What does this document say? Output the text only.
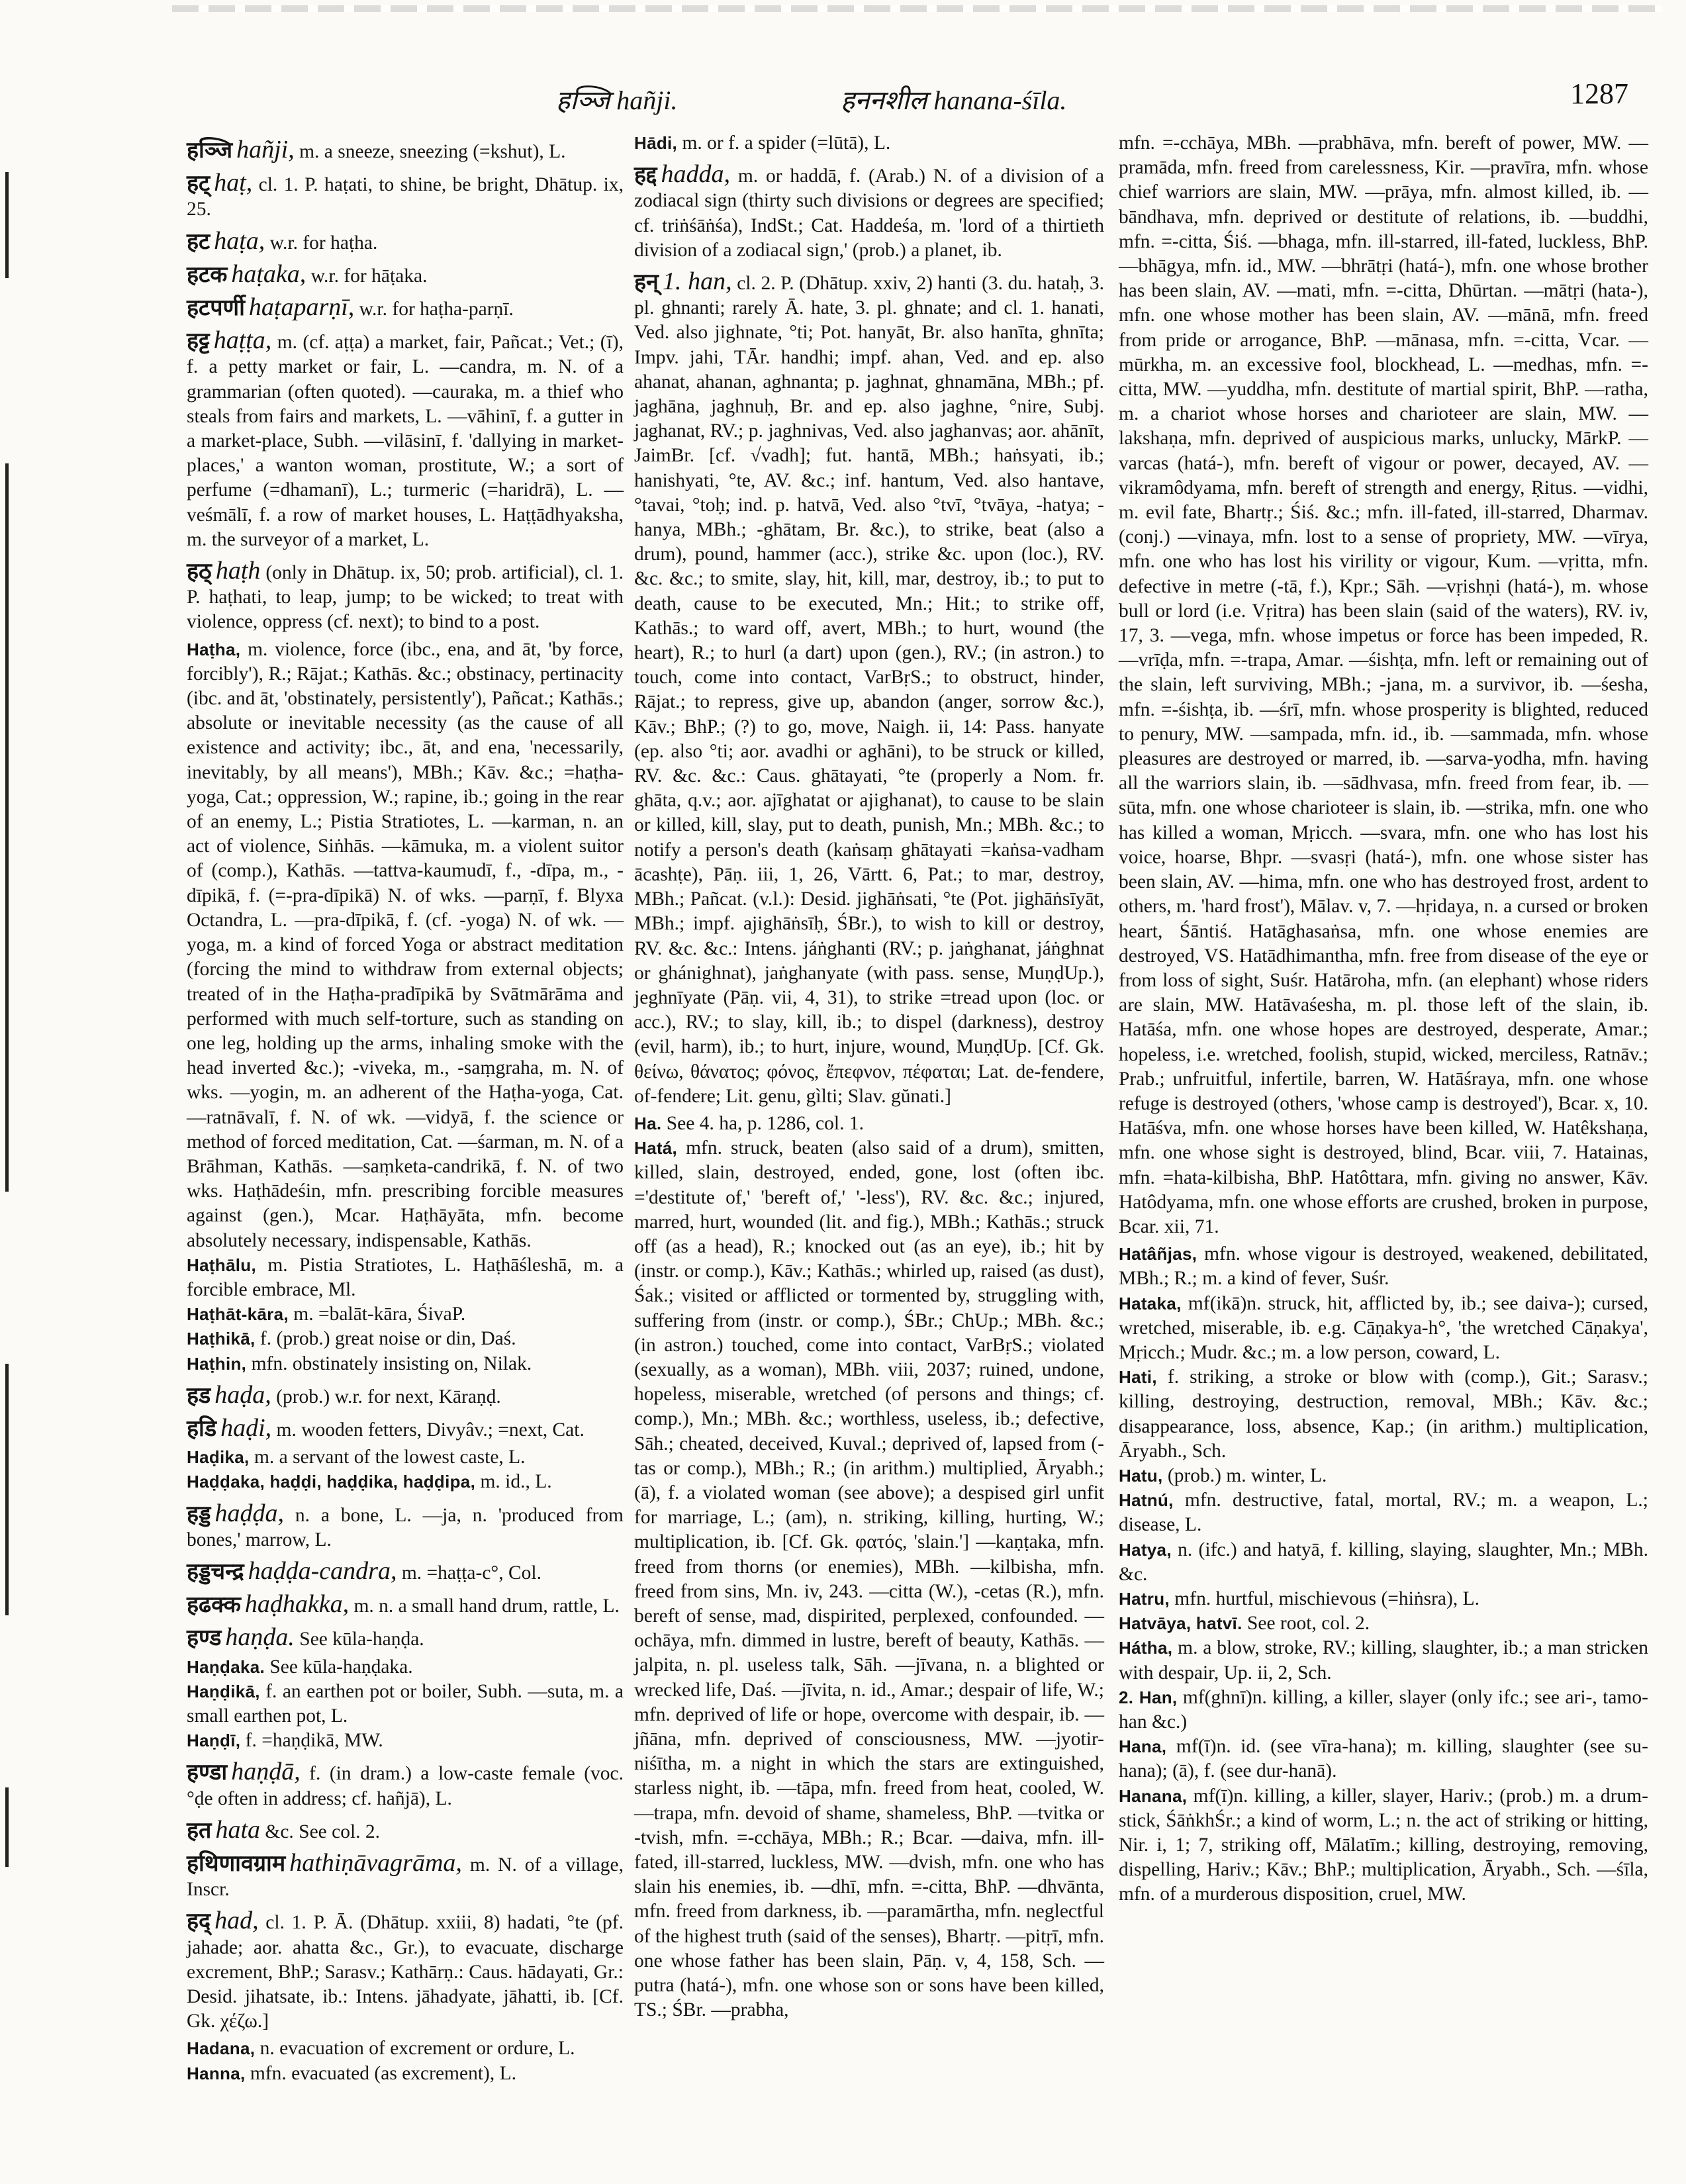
हञ्जि hañji.	हननशील hanana-śīla.	1287

हञ्जि hañji, m. a sneeze, sneezing (=kshut), L.

हट् haṭ, cl. 1. P. haṭati, to shine, be bright, Dhātup. ix, 25.

हट haṭa, w.r. for haṭha.

हटक haṭaka, w.r. for hāṭaka.

हटपर्णी haṭaparṇī, w.r. for haṭha-parṇī.

हट्ट haṭṭa, m. (cf. aṭṭa) a market, fair, Pañcat.; Vet.; (ī), f. a petty market or fair, L. —candra, m. N. of a grammarian (often quoted). —cauraka, m. a thief who steals from fairs and markets, L. —vāhinī, f. a gutter in a market-place, Subh. —vilāsinī, f. 'dallying in market-places,' a wanton woman, prostitute, W.; a sort of perfume (=dhamanī), L.; turmeric (=haridrā), L. —veśmālī, f. a row of market houses, L. Haṭṭādhyaksha, m. the surveyor of a market, L.

हठ् haṭh (only in Dhātup. ix, 50; prob. artificial), cl. 1. P. haṭhati, to leap, jump; to be wicked; to treat with violence, oppress (cf. next); to bind to a post.

Haṭha, m. violence, force (ibc., ena, and āt, 'by force, forcibly'), R.; Rājat.; Kathās. &c.; obstinacy, pertinacity (ibc. and āt, 'obstinately, persistently'), Pañcat.; Kathās.; absolute or inevitable necessity (as the cause of all existence and activity; ibc., āt, and ena, 'necessarily, inevitably, by all means'), MBh.; Kāv. &c.; =haṭha-yoga, Cat.; oppression, W.; rapine, ib.; going in the rear of an enemy, L.; Pistia Stratiotes, L. —karman, n. an act of violence, Siṅhās. —kāmuka, m. a violent suitor of (comp.), Kathās. —tattva-kaumudī, f., -dīpa, m., -dīpikā, f. (=-pra-dīpikā) N. of wks. —parṇī, f. Blyxa Octandra, L. —pra-dīpikā, f. (cf. -yoga) N. of wk. —yoga, m. a kind of forced Yoga or abstract meditation (forcing the mind to withdraw from external objects; treated of in the Haṭha-pradīpikā by Svātmārāma and performed with much self-torture, such as standing on one leg, holding up the arms, inhaling smoke with the head inverted &c.); -viveka, m., -saṃgraha, m. N. of wks. —yogin, m. an adherent of the Haṭha-yoga, Cat. —ratnāvalī, f. N. of wk. —vidyā, f. the science or method of forced meditation, Cat. —śarman, m. N. of a Brāhman, Kathās. —saṃketa-candrikā, f. N. of two wks. Haṭhādeśin, mfn. prescribing forcible measures against (gen.), Mcar. Haṭhāyāta, mfn. become absolutely necessary, indispensable, Kathās.

Haṭhālu, m. Pistia Stratiotes, L. Haṭhāśleshā, m. a forcible embrace, Ml.

Haṭhāt-kāra, m. =balāt-kāra, ŚivaP.

Haṭhikā, f. (prob.) great noise or din, Daś.

Haṭhin, mfn. obstinately insisting on, Nilak.

हड haḍa, (prob.) w.r. for next, Kāraṇḍ.

हडि haḍi, m. wooden fetters, Divyâv.; =next, Cat.

Haḍika, m. a servant of the lowest caste, L.

Haḍḍaka, haḍḍi, haḍḍika, haḍḍipa, m. id., L.

हड्ड haḍḍa, n. a bone, L. —ja, n. 'produced from bones,' marrow, L.

हड्डचन्द्र haḍḍa-candra, m. =haṭṭa-c°, Col.

हढक्क haḍhakka, m. n. a small hand drum, rattle, L.

हण्ड haṇḍa. See kūla-haṇḍa.

Haṇḍaka. See kūla-haṇḍaka.

Haṇḍikā, f. an earthen pot or boiler, Subh. —suta, m. a small earthen pot, L.

Haṇḍī, f. =haṇḍikā, MW.

हण्डा haṇḍā, f. (in dram.) a low-caste female (voc. °ḍe often in address; cf. hañjā), L.

हत hata &c. See col. 2.

हथिणावग्राम hathiṇāvagrāma, m. N. of a village, Inscr.

हद् had, cl. 1. P. Ā. (Dhātup. xxiii, 8) hadati, °te (pf. jahade; aor. ahatta &c., Gr.), to evacuate, discharge excrement, BhP.; Sarasv.; Kathārṇ.: Caus. hādayati, Gr.: Desid. jihatsate, ib.: Intens. jāhadyate, jāhatti, ib. [Cf. Gk. χέζω.]

Hadana, n. evacuation of excrement or ordure, L.

Hanna, mfn. evacuated (as excrement), L.

Hādi, m. or f. a spider (=lūtā), L.

हद्द hadda, m. or haddā, f. (Arab.) N. of a division of a zodiacal sign (thirty such divisions or degrees are specified; cf. triṅśāṅśa), IndSt.; Cat. Haddeśa, m. 'lord of a thirtieth division of a zodiacal sign,' (prob.) a planet, ib.

हन् 1. han, cl. 2. P. (Dhātup. xxiv, 2) hanti (3. du. hataḥ, 3. pl. ghnanti; rarely Ā. hate, 3. pl. ghnate; and cl. 1. hanati, Ved. also jighnate, °ti; Pot. hanyāt, Br. also hanīta, ghnīta; Impv. jahi, TĀr. handhi; impf. ahan, Ved. and ep. also ahanat, ahanan, aghnanta; p. jaghnat, ghnamāna, MBh.; pf. jaghāna, jaghnuḥ, Br. and ep. also jaghne, °nire, Subj. jaghanat, RV.; p. jaghnivas, Ved. also jaghanvas; aor. ahānīt, JaimBr. [cf. √vadh]; fut. hantā, MBh.; haṅsyati, ib.; hanishyati, °te, AV. &c.; inf. hantum, Ved. also hantave, °tavai, °toḥ; ind. p. hatvā, Ved. also °tvī, °tvāya, -hatya; -hanya, MBh.; -ghātam, Br. &c.), to strike, beat (also a drum), pound, hammer (acc.), strike &c. upon (loc.), RV. &c. &c.; to smite, slay, hit, kill, mar, destroy, ib.; to put to death, cause to be executed, Mn.; Hit.; to strike off, Kathās.; to ward off, avert, MBh.; to hurt, wound (the heart), R.; to hurl (a dart) upon (gen.), RV.; (in astron.) to touch, come into contact, VarBṛS.; to obstruct, hinder, Rājat.; to repress, give up, abandon (anger, sorrow &c.), Kāv.; BhP.; (?) to go, move, Naigh. ii, 14: Pass. hanyate (ep. also °ti; aor. avadhi or aghāni), to be struck or killed, RV. &c. &c.: Caus. ghātayati, °te (properly a Nom. fr. ghāta, q.v.; aor. ajīghatat or ajighanat), to cause to be slain or killed, kill, slay, put to death, punish, Mn.; MBh. &c.; to notify a person's death (kaṅsaṃ ghātayati =kaṅsa-vadham ācashṭe), Pāṇ. iii, 1, 26, Vārtt. 6, Pat.; to mar, destroy, MBh.; Pañcat. (v.l.): Desid. jighāṅsati, °te (Pot. jighāṅsīyāt, MBh.; impf. ajighāṅsīḥ, ŚBr.), to wish to kill or destroy, RV. &c. &c.: Intens. jáṅghanti (RV.; p. jaṅghanat, jáṅghnat or ghánighnat), jaṅghanyate (with pass. sense, MuṇḍUp.), jeghnīyate (Pāṇ. vii, 4, 31), to strike =tread upon (loc. or acc.), RV.; to slay, kill, ib.; to dispel (darkness), destroy (evil, harm), ib.; to hurt, injure, wound, MuṇḍUp. [Cf. Gk. θείνω, θάνατος; φόνος, ἔπεφνον, πέφαται; Lat. de-fendere, of-fendere; Lit. genu, gìlti; Slav. gŭnati.]

Ha. See 4. ha, p. 1286, col. 1.

Hatá, mfn. struck, beaten (also said of a drum), smitten, killed, slain, destroyed, ended, gone, lost (often ibc. ='destitute of,' 'bereft of,' '-less'), RV. &c. &c.; injured, marred, hurt, wounded (lit. and fig.), MBh.; Kathās.; struck off (as a head), R.; knocked out (as an eye), ib.; hit by (instr. or comp.), Kāv.; Kathās.; whirled up, raised (as dust), Śak.; visited or afflicted or tormented by, struggling with, suffering from (instr. or comp.), ŚBr.; ChUp.; MBh. &c.; (in astron.) touched, come into contact, VarBṛS.; violated (sexually, as a woman), MBh. viii, 2037; ruined, undone, hopeless, miserable, wretched (of persons and things; cf. comp.), Mn.; MBh. &c.; worthless, useless, ib.; defective, Sāh.; cheated, deceived, Kuval.; deprived of, lapsed from (-tas or comp.), MBh.; R.; (in arithm.) multiplied, Āryabh.; (ā), f. a violated woman (see above); a despised girl unfit for marriage, L.; (am), n. striking, killing, hurting, W.; multiplication, ib. [Cf. Gk. φατός, 'slain.'] —kaṇṭaka, mfn. freed from thorns (or enemies), MBh. —kilbisha, mfn. freed from sins, Mn. iv, 243. —citta (W.), -cetas (R.), mfn. bereft of sense, mad, dispirited, perplexed, confounded. —ochāya, mfn. dimmed in lustre, bereft of beauty, Kathās. —jalpita, n. pl. useless talk, Sāh. —jīvana, n. a blighted or wrecked life, Daś. —jīvita, n. id., Amar.; despair of life, W.; mfn. deprived of life or hope, overcome with despair, ib. —jñāna, mfn. deprived of consciousness, MW. —jyotir-niśītha, m. a night in which the stars are extinguished, starless night, ib. —tāpa, mfn. freed from heat, cooled, W. —trapa, mfn. devoid of shame, shameless, BhP. —tvitka or -tvish, mfn. =-cchāya, MBh.; R.; Bcar. —daiva, mfn. ill-fated, ill-starred, luckless, MW. —dvish, mfn. one who has slain his enemies, ib. —dhī, mfn. =-citta, BhP. —dhvānta, mfn. freed from darkness, ib. —paramārtha, mfn. neglectful of the highest truth (said of the senses), Bhartṛ. —pitṛī, mfn. one whose father has been slain, Pāṇ. v, 4, 158, Sch. —putra (hatá-), mfn. one whose son or sons have been killed, TS.; ŚBr. —prabha,

mfn. =-cchāya, MBh. —prabhāva, mfn. bereft of power, MW. —pramāda, mfn. freed from carelessness, Kir. —pravīra, mfn. whose chief warriors are slain, MW. —prāya, mfn. almost killed, ib. —bāndhava, mfn. deprived or destitute of relations, ib. —buddhi, mfn. =-citta, Śiś. —bhaga, mfn. ill-starred, ill-fated, luckless, BhP. —bhāgya, mfn. id., MW. —bhrātṛi (hatá-), mfn. one whose brother has been slain, AV. —mati, mfn. =-citta, Dhūrtan. —mātṛi (hata-), mfn. one whose mother has been slain, AV. —mānā, mfn. freed from pride or arrogance, BhP. —mānasa, mfn. =-citta, Vcar. —mūrkha, m. an excessive fool, blockhead, L. —medhas, mfn. =-citta, MW. —yuddha, mfn. destitute of martial spirit, BhP. —ratha, m. a chariot whose horses and charioteer are slain, MW. —lakshaṇa, mfn. deprived of auspicious marks, unlucky, MārkP. —varcas (hatá-), mfn. bereft of vigour or power, decayed, AV. —vikramôdyama, mfn. bereft of strength and energy, Ṛitus. —vidhi, m. evil fate, Bhartṛ.; Śiś. &c.; mfn. ill-fated, ill-starred, Dharmav. (conj.) —vinaya, mfn. lost to a sense of propriety, MW. —vīrya, mfn. one who has lost his virility or vigour, Kum. —vṛitta, mfn. defective in metre (-tā, f.), Kpr.; Sāh. —vṛishṇi (hatá-), m. whose bull or lord (i.e. Vṛitra) has been slain (said of the waters), RV. iv, 17, 3. —vega, mfn. whose impetus or force has been impeded, R. —vrīḍa, mfn. =-trapa, Amar. —śishṭa, mfn. left or remaining out of the slain, left surviving, MBh.; -jana, m. a survivor, ib. —śesha, mfn. =-śishṭa, ib. —śrī, mfn. whose prosperity is blighted, reduced to penury, MW. —sampada, mfn. id., ib. —sammada, mfn. whose pleasures are destroyed or marred, ib. —sarva-yodha, mfn. having all the warriors slain, ib. —sādhvasa, mfn. freed from fear, ib. —sūta, mfn. one whose charioteer is slain, ib. —strika, mfn. one who has killed a woman, Mṛicch. —svara, mfn. one who has lost his voice, hoarse, Bhpr. —svasṛi (hatá-), mfn. one whose sister has been slain, AV. —hima, mfn. one who has destroyed frost, ardent to others, m. 'hard frost'), Mālav. v, 7. —hṛidaya, n. a cursed or broken heart, Śāntiś. Hatāghasaṅsa, mfn. one whose enemies are destroyed, VS. Hatādhimantha, mfn. free from disease of the eye or from loss of sight, Suśr. Hatāroha, mfn. (an elephant) whose riders are slain, MW. Hatāvaśesha, m. pl. those left of the slain, ib. Hatāśa, mfn. one whose hopes are destroyed, desperate, Amar.; hopeless, i.e. wretched, foolish, stupid, wicked, merciless, Ratnāv.; Prab.; unfruitful, infertile, barren, W. Hatāśraya, mfn. one whose refuge is destroyed (others, 'whose camp is destroyed'), Bcar. x, 10. Hatāśva, mfn. one whose horses have been killed, W. Hatêkshaṇa, mfn. one whose sight is destroyed, blind, Bcar. viii, 7. Hatainas, mfn. =hata-kilbisha, BhP. Hatôttara, mfn. giving no answer, Kāv. Hatôdyama, mfn. one whose efforts are crushed, broken in purpose, Bcar. xii, 71.

Hatâñjas, mfn. whose vigour is destroyed, weakened, debilitated, MBh.; R.; m. a kind of fever, Suśr.

Hataka, mf(ikā)n. struck, hit, afflicted by, ib.; see daiva-); cursed, wretched, miserable, ib. e.g. Cāṇakya-h°, 'the wretched Cāṇakya', Mṛicch.; Mudr. &c.; m. a low person, coward, L.

Hati, f. striking, a stroke or blow with (comp.), Git.; Sarasv.; killing, destroying, destruction, removal, MBh.; Kāv. &c.; disappearance, loss, absence, Kap.; (in arithm.) multiplication, Āryabh., Sch.

Hatu, (prob.) m. winter, L.

Hatnú, mfn. destructive, fatal, mortal, RV.; m. a weapon, L.; disease, L.

Hatya, n. (ifc.) and hatyā, f. killing, slaying, slaughter, Mn.; MBh. &c.

Hatru, mfn. hurtful, mischievous (=hiṅsra), L.

Hatvāya, hatvī. See root, col. 2.

Hátha, m. a blow, stroke, RV.; killing, slaughter, ib.; a man stricken with despair, Up. ii, 2, Sch.

2. Han, mf(ghnī)n. killing, a killer, slayer (only ifc.; see ari-, tamo-han &c.)

Hana, mf(ī)n. id. (see vīra-hana); m. killing, slaughter (see su-hana); (ā), f. (see dur-hanā).

Hanana, mf(ī)n. killing, a killer, slayer, Hariv.; (prob.) m. a drum-stick, ŚāṅkhŚr.; a kind of worm, L.; n. the act of striking or hitting, Nir. i, 1; 7, striking off, Mālatīm.; killing, destroying, removing, dispelling, Hariv.; Kāv.; BhP.; multiplication, Āryabh., Sch. —śīla, mfn. of a murderous disposition, cruel, MW.
